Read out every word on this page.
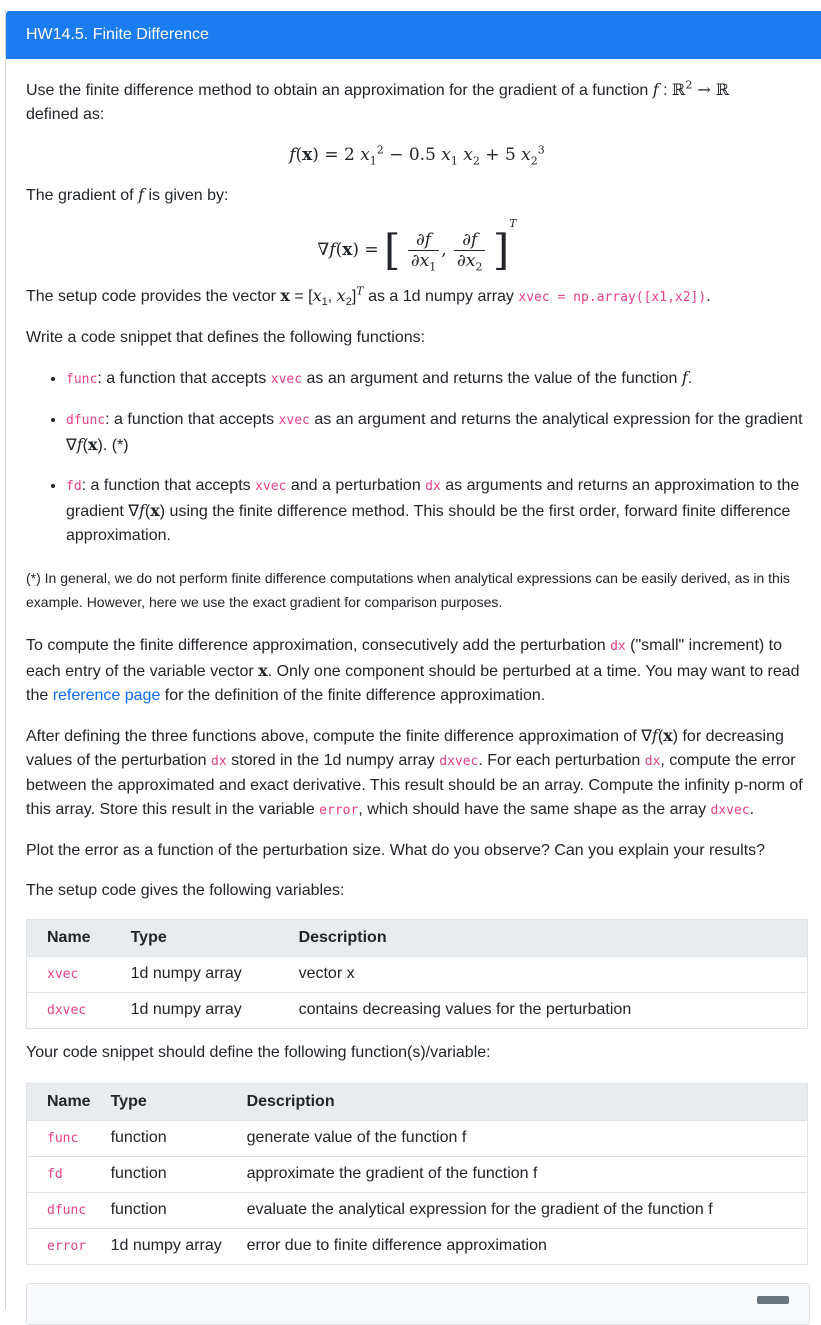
HW14.5. Finite Difference

Use the finite difference method to obtain an approximation for the gradient of a function f : ℝ$^2$ → ℝ
defined as:

f(x) = 2 $x_1^2 - 0.5$ $x_1$ $x_2 + 5$ $x_2^3$

The gradient of f is given by:

∇f(x) = [ $\frac{\partial f}{\partial x_1}$ , $\frac{\partial f}{\partial x_2} ]^T$

The setup code provides the vector $x = [x_1$, $x_2]^T$ as a 1d numpy array xvec = np.array([x1,x2]).

Write a code snippet that defines the following functions:

• func: a function that accepts xvec as an argument and returns the value of the function f.
• dfunc: a function that accepts xvec as an argument and returns the analytical expression for the gradient ∇f(x). (*)
• fd: a function that accepts xvec and a perturbation dx as arguments and returns an approximation to the gradient ∇f(x) using the finite difference method. This should be the first order, forward finite difference approximation.

(*) In general, we do not perform finite difference computations when analytical expressions can be easily derived, as in this example. However, here we use the exact gradient for comparison purposes.

To compute the finite difference approximation, consecutively add the perturbation dx ("small" increment) to each entry of the variable vector x. Only one component should be perturbed at a time. You may want to read the reference page for the definition of the finite difference approximation.

After defining the three functions above, compute the finite difference approximation of ∇f(x) for decreasing values of the perturbation dx stored in the 1d numpy array dxvec. For each perturbation dx, compute the error between the approximated and exact derivative. This result should be an array. Compute the infinity p-norm of this array. Store this result in the variable error, which should have the same shape as the array dxvec.

Plot the error as a function of the perturbation size. What do you observe? Can you explain your results?

The setup code gives the following variables:

Name	Type	Description
xvec	1d numpy array	vector x
dxvec	1d numpy array	contains decreasing values for the perturbation

Your code snippet should define the following function(s)/variable:

Name	Type	Description
func	function	generate value of the function f
fd	function	approximate the gradient of the function f
dfunc	function	evaluate the analytical expression for the gradient of the function f
error	1d numpy array	error due to finite difference approximation
